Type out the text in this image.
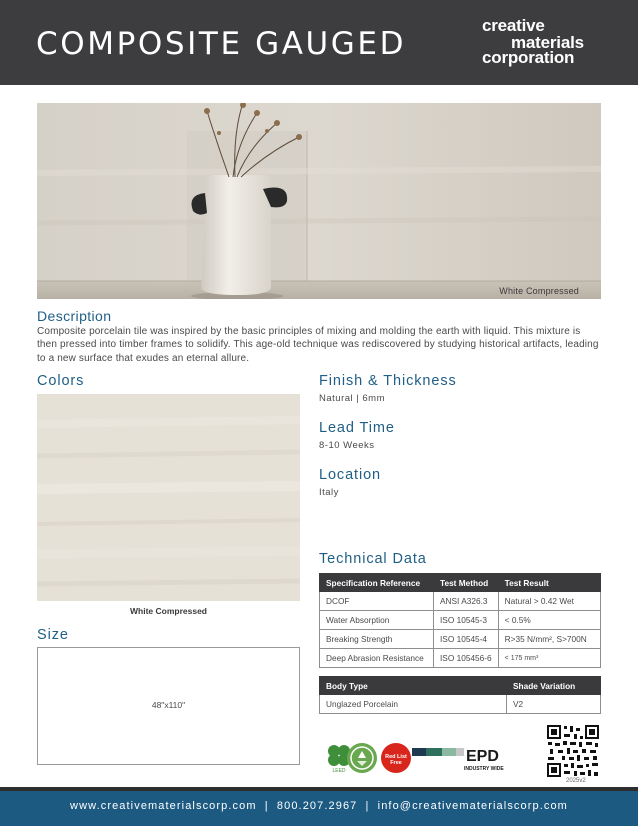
COMPOSITE GAUGED
creative
materials
corporation
White Compressed
Description
Composite porcelain tile was inspired by the basic principles of mixing and molding the earth with liquid. This mixture is then pressed into timber frames to solidify. This age-old technique was rediscovered by studying historical artifacts, leading to a new surface that exudes an eternal allure.
Colors
White Compressed
Size
48"x110"
Finish & Thickness
Natural | 6mm
Lead Time
8-10 Weeks
Location
Italy
Technical Data
Specification Reference	Test Method	Test Result
DCOF	ANSI A326.3	Natural > 0.42 Wet
Water Absorption	ISO 10545-3	< 0.5%
Breaking Strength	ISO 10545-4	R>35 N/mm², S>700N
Deep Abrasion Resistance	ISO 105456-6	< 175 mm³
Body Type	Shade Variation
Unglazed Porcelain	V2
LEED
Red List
Free	EPD
INDUSTRY WIDE
2025v2
www.creativematerialscorp.com | 800.207.2967 | info@creativematerialscorp.com
